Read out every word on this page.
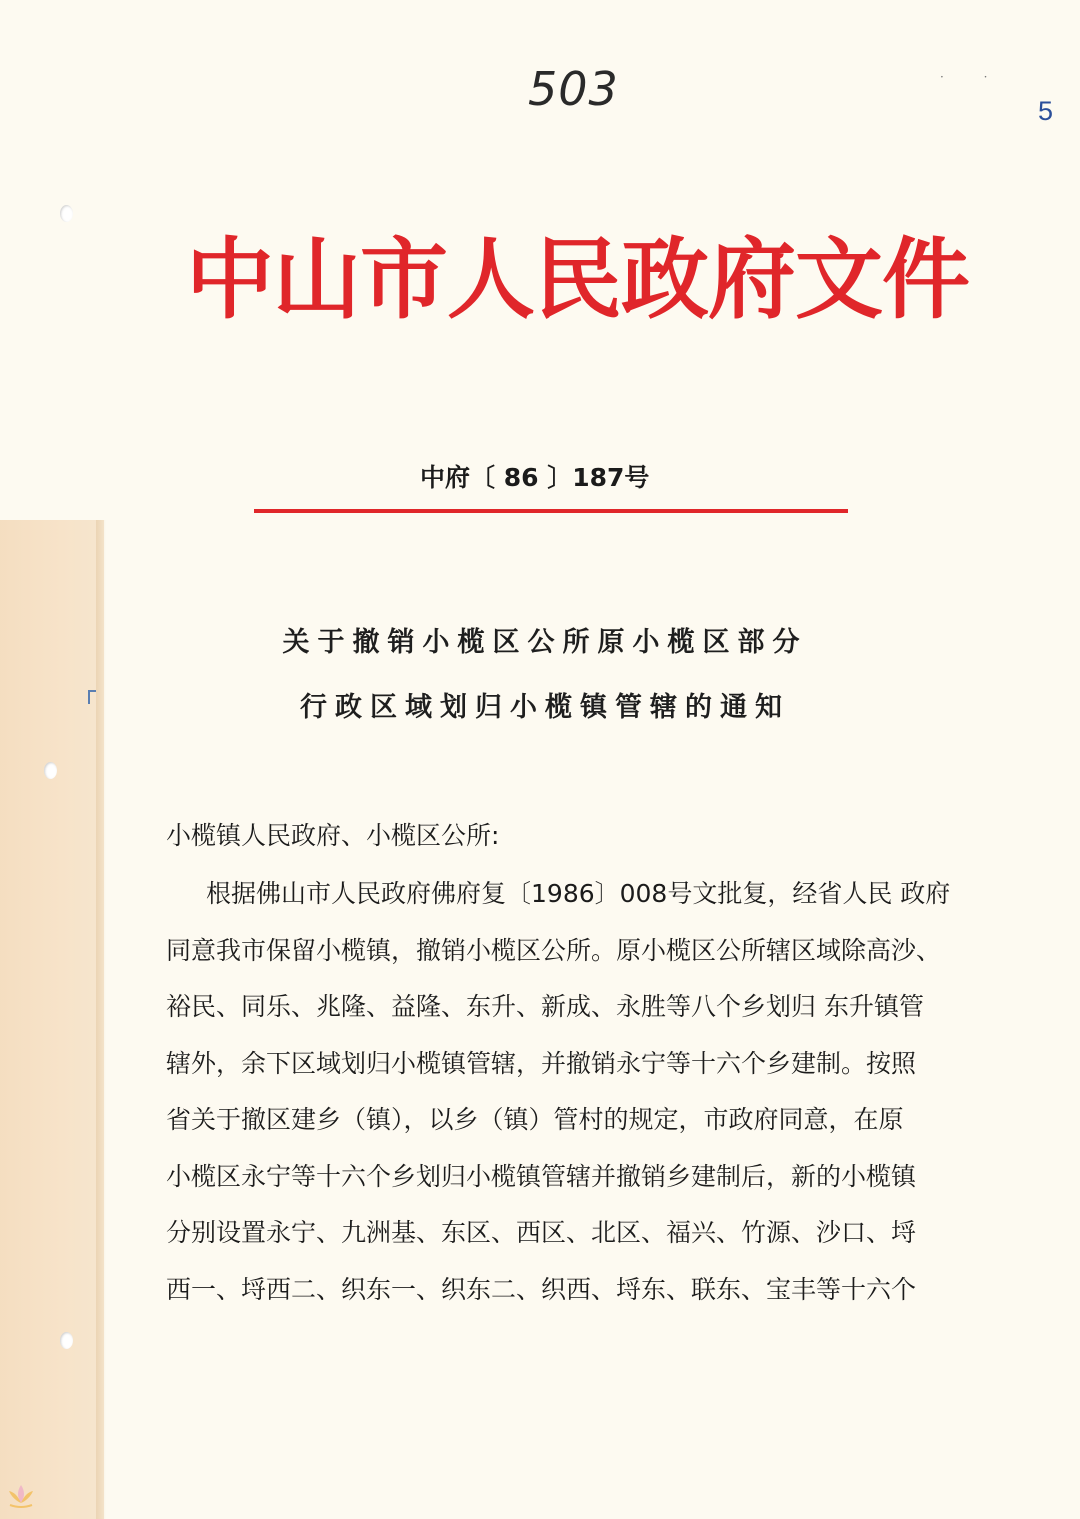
· ·
503	5
中山市人民政府文件
中府〔 86 〕187号
关于撤销小榄区公所原小榄区部分
行政区域划归小榄镇管辖的通知
小榄镇人民政府、小榄区公所:
根据佛山市人民政府佛府复〔1986〕008号文批复，经省人民 政府
同意我市保留小榄镇，撤销小榄区公所。原小榄区公所辖区域除高沙、
裕民、同乐、兆隆、益隆、东升、新成、永胜等八个乡划归 东升镇管
辖外，余下区域划归小榄镇管辖，并撤销永宁等十六个乡建制。按照
省关于撤区建乡（镇），以乡（镇）管村的规定，市政府同意，在原
小榄区永宁等十六个乡划归小榄镇管辖并撤销乡建制后，新的小榄镇
分别设置永宁、九洲基、东区、西区、北区、福兴、竹源、沙口、埒
西一、埒西二、织东一、织东二、织西、埒东、联东、宝丰等十六个
